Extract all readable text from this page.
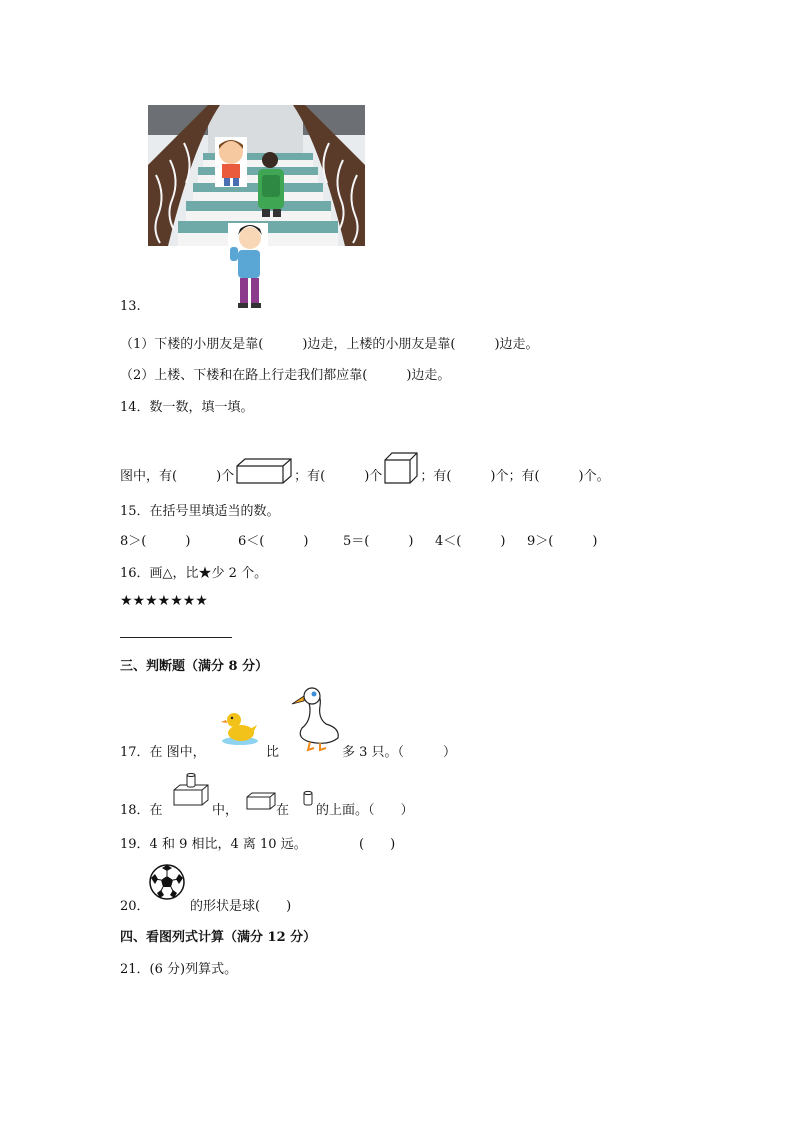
13.
（1）下楼的小朋友是靠(　　　)边走，上楼的小朋友是靠(　　　)边走。
（2）上楼、下楼和在路上行走我们都应靠(　　　)边走。
14．数一数，填一填。
图中，有(　　　)个	；有(　　　)个	；有(　　　)个；有(　　　)个。
15．在括号里填适当的数。
8＞(　　　)	6＜(　　　)	5＝(　　　) 4＜(　　　) 9＞(　　　)
16．画△，比★少 2 个。
★★★★★★★
三、判断题（满分 8 分）
17．在 图中，	比	多 3 只。（　　　）
18．在	中，	在 的上面。（　　）
19．4 和 9 相比，4 离 10 远。	(　　)
20．	的形状是球(　　)
四、看图列式计算（满分 12 分）
21．(6 分)列算式。
